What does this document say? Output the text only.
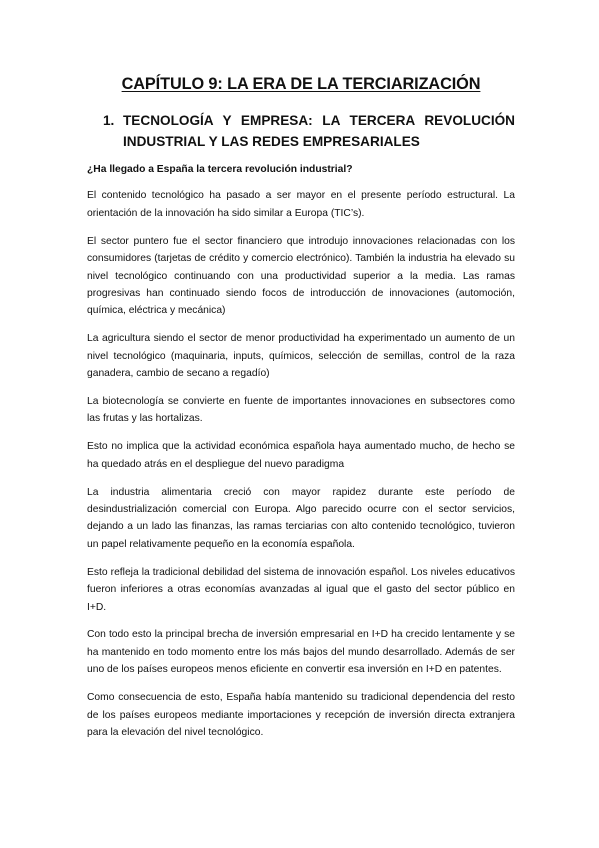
CAPÍTULO 9: LA ERA DE LA TERCIARIZACIÓN
1. TECNOLOGÍA Y EMPRESA: LA TERCERA REVOLUCIÓN
INDUSTRIAL Y LAS REDES EMPRESARIALES

¿Ha llegado a España la tercera revolución industrial?

El contenido tecnológico ha pasado a ser mayor en el presente período estructural. La orientación de la innovación ha sido similar a Europa (TIC’s).

El sector puntero fue el sector financiero que introdujo innovaciones relacionadas con los consumidores (tarjetas de crédito y comercio electrónico). También la industria ha elevado su nivel tecnológico continuando con una productividad superior a la media. Las ramas progresivas han continuado siendo focos de introducción de innovaciones (automoción, química, eléctrica y mecánica)

La agricultura siendo el sector de menor productividad ha experimentado un aumento de un nivel tecnológico (maquinaria, inputs, químicos, selección de semillas, control de la raza ganadera, cambio de secano a regadío)

La biotecnología se convierte en fuente de importantes innovaciones en subsectores como las frutas y las hortalizas.

Esto no implica que la actividad económica española haya aumentado mucho, de hecho se ha quedado atrás en el despliegue del nuevo paradigma

La industria alimentaria creció con mayor rapidez durante este período de desindustrialización comercial con Europa. Algo parecido ocurre con el sector servicios, dejando a un lado las finanzas, las ramas terciarias con alto contenido tecnológico, tuvieron un papel relativamente pequeño en la economía española.

Esto refleja la tradicional debilidad del sistema de innovación español. Los niveles educativos fueron inferiores a otras economías avanzadas al igual que el gasto del sector público en I+D.

Con todo esto la principal brecha de inversión empresarial en I+D ha crecido lentamente y se ha mantenido en todo momento entre los más bajos del mundo desarrollado. Además de ser uno de los países europeos menos eficiente en convertir esa inversión en I+D en patentes.

Como consecuencia de esto, España había mantenido su tradicional dependencia del resto de los países europeos mediante importaciones y recepción de inversión directa extranjera para la elevación del nivel tecnológico.
